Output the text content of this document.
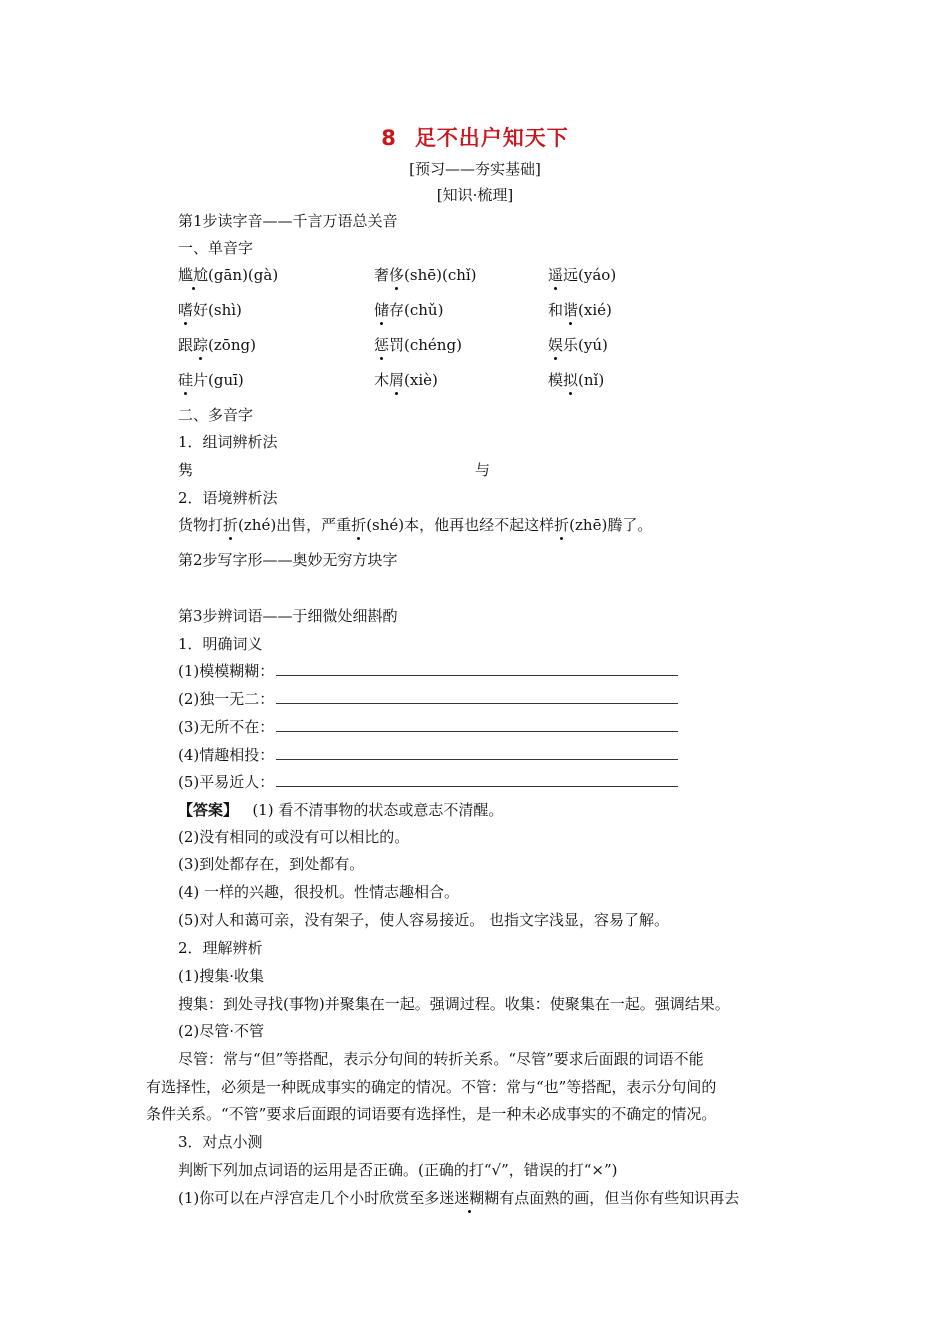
8 足不出户知天下
[预习——夯实基础]
[知识·梳理]
第1步读字音——千言万语总关音
一、单音字
尴尬(gān)(gà)	奢侈(shē)(chǐ)	遥远(yáo)
嗜好(shì)	储存(chǔ)	和谐(xié)
跟踪(zōng)	惩罚(chéng)	娱乐(yú)
硅片(guī)	木屑(xiè)	模拟(nǐ)
二、多音字
1．组词辨析法
隽	与
2．语境辨析法
货物打折(zhé)出售，严重折(shé)本，他再也经不起这样折(zhē)腾了。
第2步写字形——奥妙无穷方块字
第3步辨词语——于细微处细斟酌
1．明确词义
(1)模模糊糊：
(2)独一无二：
(3)无所不在：
(4)情趣相投：
(5)平易近人：
【答案】 (1) 看不清事物的状态或意志不清醒。
(2)没有相同的或没有可以相比的。
(3)到处都存在，到处都有。
(4) 一样的兴趣，很投机。性情志趣相合。
(5)对人和蔼可亲，没有架子，使人容易接近。 也指文字浅显，容易了解。
2．理解辨析
(1)搜集·收集
搜集：到处寻找(事物)并聚集在一起。强调过程。收集：使聚集在一起。强调结果。
(2)尽管·不管
尽管：常与“但”等搭配，表示分句间的转折关系。“尽管”要求后面跟的词语不能
有选择性，必须是一种既成事实的确定的情况。不管：常与“也”等搭配，表示分句间的
条件关系。“不管”要求后面跟的词语要有选择性，是一种未必成事实的不确定的情况。
3．对点小测
判断下列加点词语的运用是否正确。(正确的打“√”，错误的打“×”)
(1)你可以在卢浮宫走几个小时欣赏至多迷迷糊糊有点面熟的画，但当你有些知识再去
